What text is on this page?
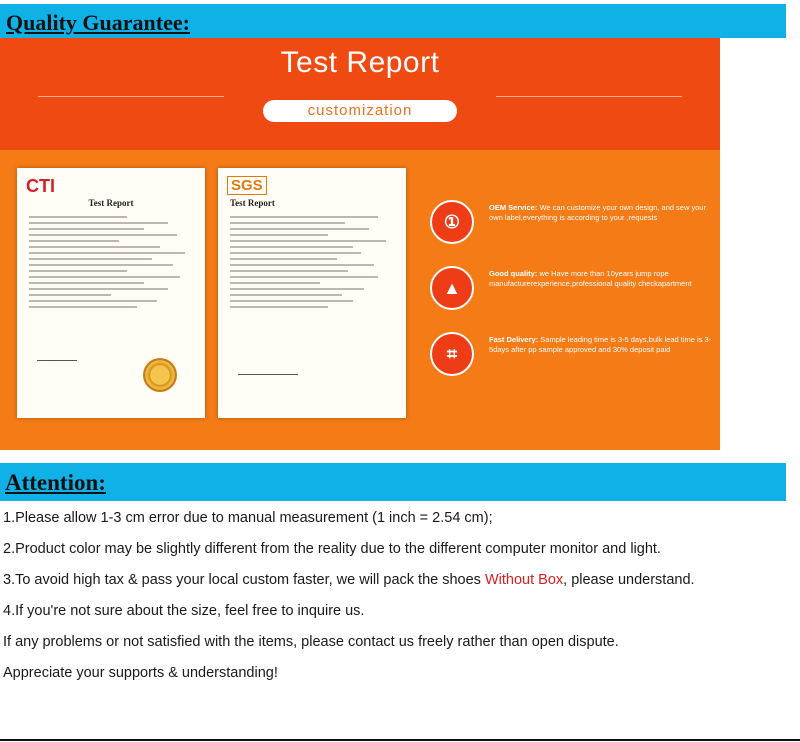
Quality Guarantee:
Test Report
customization
CTI
Test Report
SGS
Test Report
①
OEM Service: We can customize your own design, and sew your own label,everything is according to your ,requests
▲
Good quality: we Have more than 10years jump rope manufacturerexperience,professional quality checkapartment
⌗
Fast Delivery: Sample leading time is 3-5 days,bulk lead time is 3-5days after pp sample approved and 30% deposit paid
Attention:
1.Please allow 1-3 cm error due to manual measurement (1 inch = 2.54 cm);
2.Product color may be slightly different from the reality due to the different computer monitor and light.
3.To avoid high tax & pass your local custom faster, we will pack the shoes Without Box, please understand.
4.If you're not sure about the size, feel free to inquire us.
If any problems or not satisfied with the items, please contact us freely rather than open dispute.
Appreciate your supports & understanding!
